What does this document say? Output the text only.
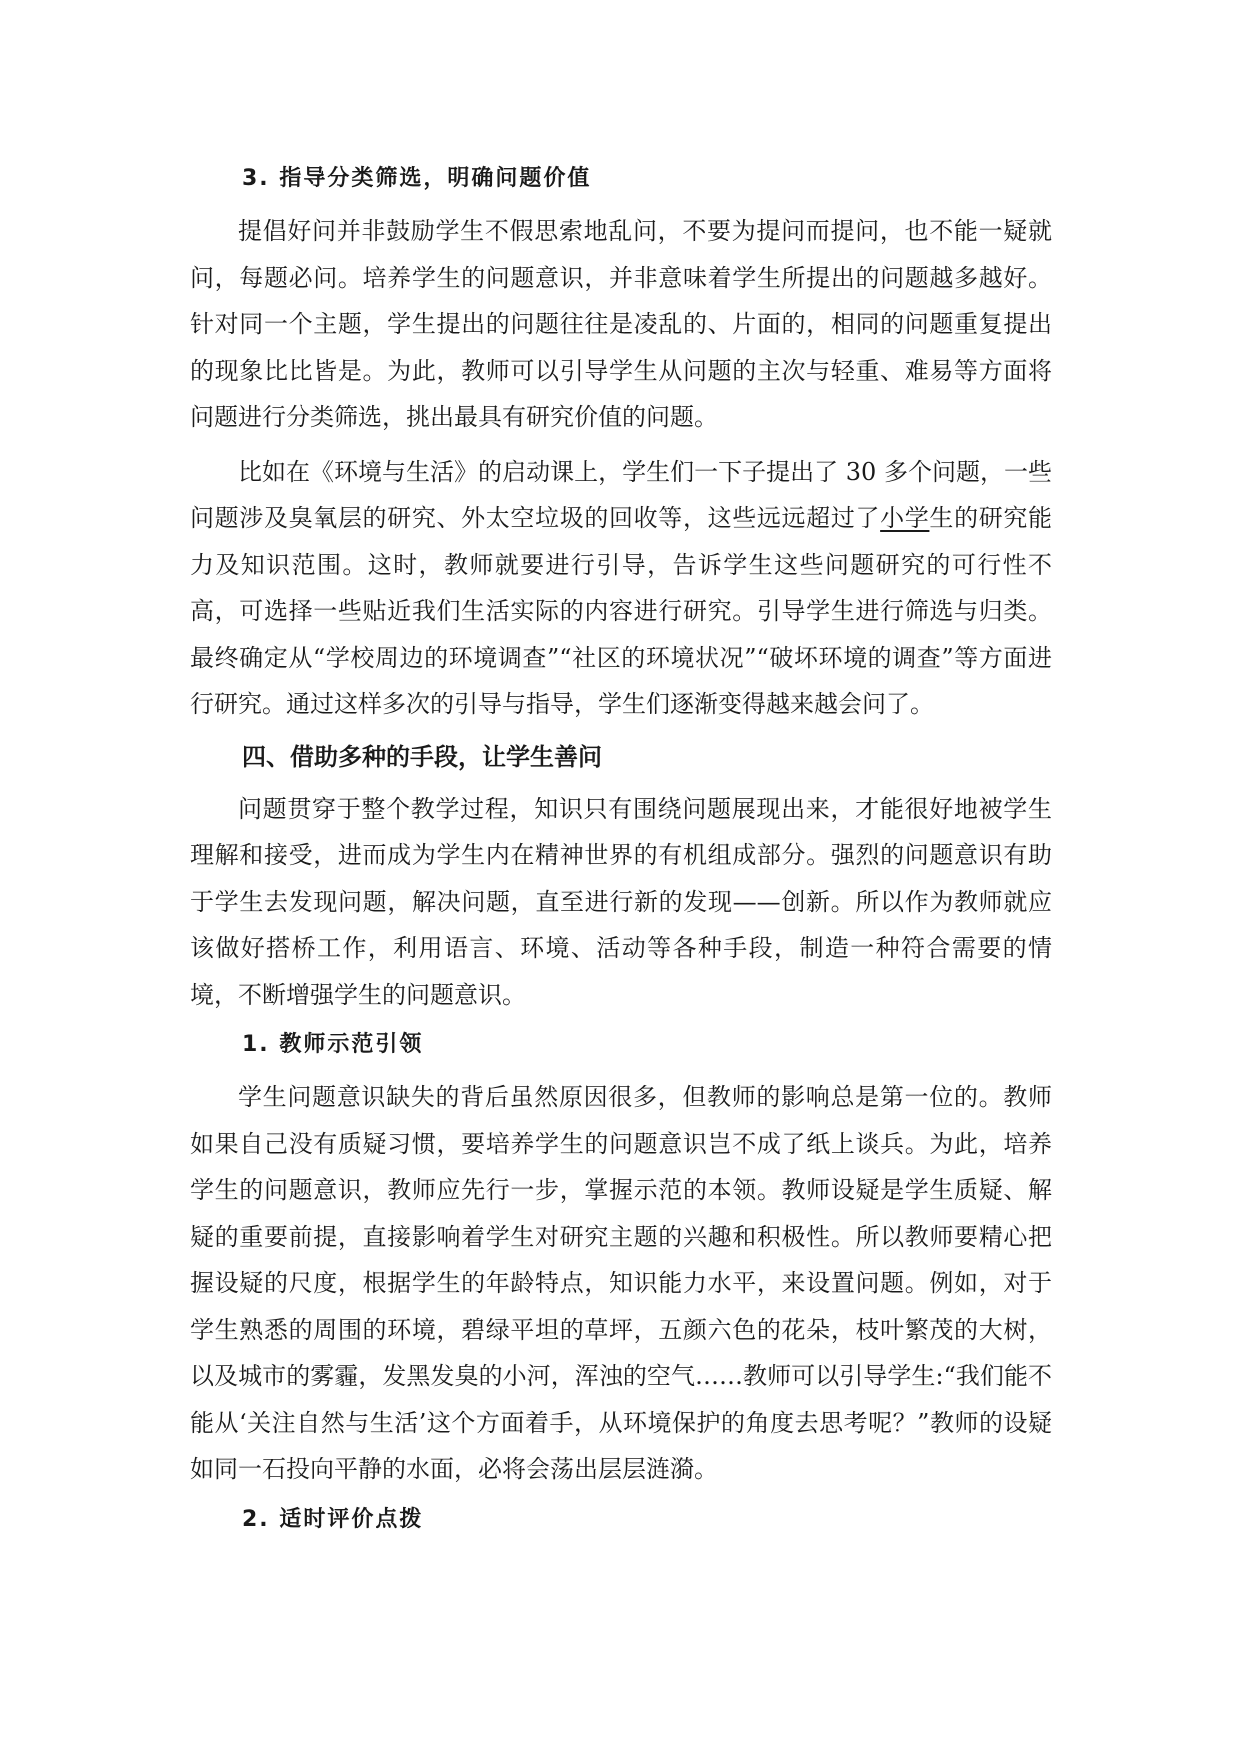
3. 指导分类筛选，明确问题价值

提倡好问并非鼓励学生不假思索地乱问，不要为提问而提问，也不能一疑就问，每题必问。培养学生的问题意识，并非意味着学生所提出的问题越多越好。针对同一个主题，学生提出的问题往往是凌乱的、片面的，相同的问题重复提出的现象比比皆是。为此，教师可以引导学生从问题的主次与轻重、难易等方面将问题进行分类筛选，挑出最具有研究价值的问题。

比如在《环境与生活》的启动课上，学生们一下子提出了 30 多个问题，一些问题涉及臭氧层的研究、外太空垃圾的回收等，这些远远超过了小学生的研究能力及知识范围。这时，教师就要进行引导，告诉学生这些问题研究的可行性不高，可选择一些贴近我们生活实际的内容进行研究。引导学生进行筛选与归类。最终确定从“学校周边的环境调查”“社区的环境状况”“破坏环境的调查”等方面进行研究。通过这样多次的引导与指导，学生们逐渐变得越来越会问了。

四、借助多种的手段，让学生善问

问题贯穿于整个教学过程，知识只有围绕问题展现出来，才能很好地被学生理解和接受，进而成为学生内在精神世界的有机组成部分。强烈的问题意识有助于学生去发现问题，解决问题，直至进行新的发现——创新。所以作为教师就应该做好搭桥工作，利用语言、环境、活动等各种手段，制造一种符合需要的情境，不断增强学生的问题意识。

1. 教师示范引领

学生问题意识缺失的背后虽然原因很多，但教师的影响总是第一位的。教师如果自己没有质疑习惯，要培养学生的问题意识岂不成了纸上谈兵。为此，培养学生的问题意识，教师应先行一步，掌握示范的本领。教师设疑是学生质疑、解疑的重要前提，直接影响着学生对研究主题的兴趣和积极性。所以教师要精心把握设疑的尺度，根据学生的年龄特点，知识能力水平，来设置问题。例如，对于学生熟悉的周围的环境，碧绿平坦的草坪，五颜六色的花朵，枝叶繁茂的大树，以及城市的雾霾，发黑发臭的小河，浑浊的空气……教师可以引导学生:“我们能不能从‘关注自然与生活’这个方面着手，从环境保护的角度去思考呢？”教师的设疑如同一石投向平静的水面，必将会荡出层层涟漪。

2. 适时评价点拨
